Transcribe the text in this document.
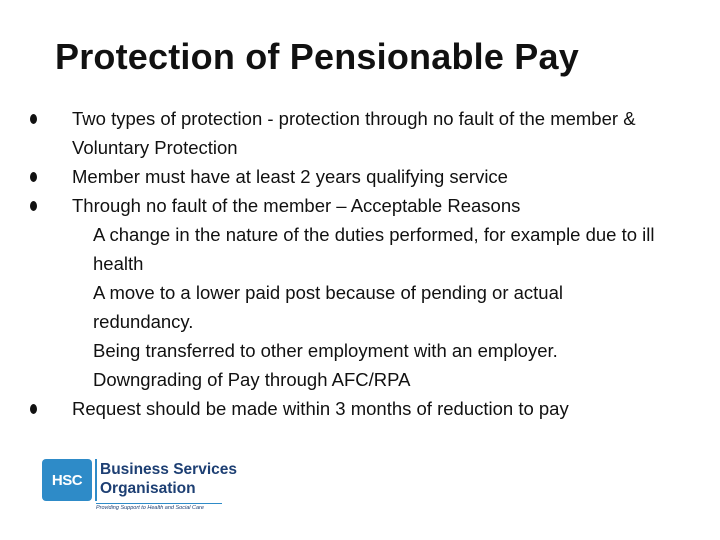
Protection of Pensionable Pay
Two types of protection - protection through no fault of the member &
Voluntary Protection
Member must have at least 2 years qualifying service
Through no fault of the member – Acceptable Reasons
A change in the nature of the duties performed, for example due to ill
health
A move to a lower paid post because of pending or actual
redundancy.
Being transferred to other employment with an employer.
Downgrading of Pay through AFC/RPA
Request should be made within 3 months of reduction to pay
HSC
Business Services
Organisation
Providing Support to Health and Social Care
